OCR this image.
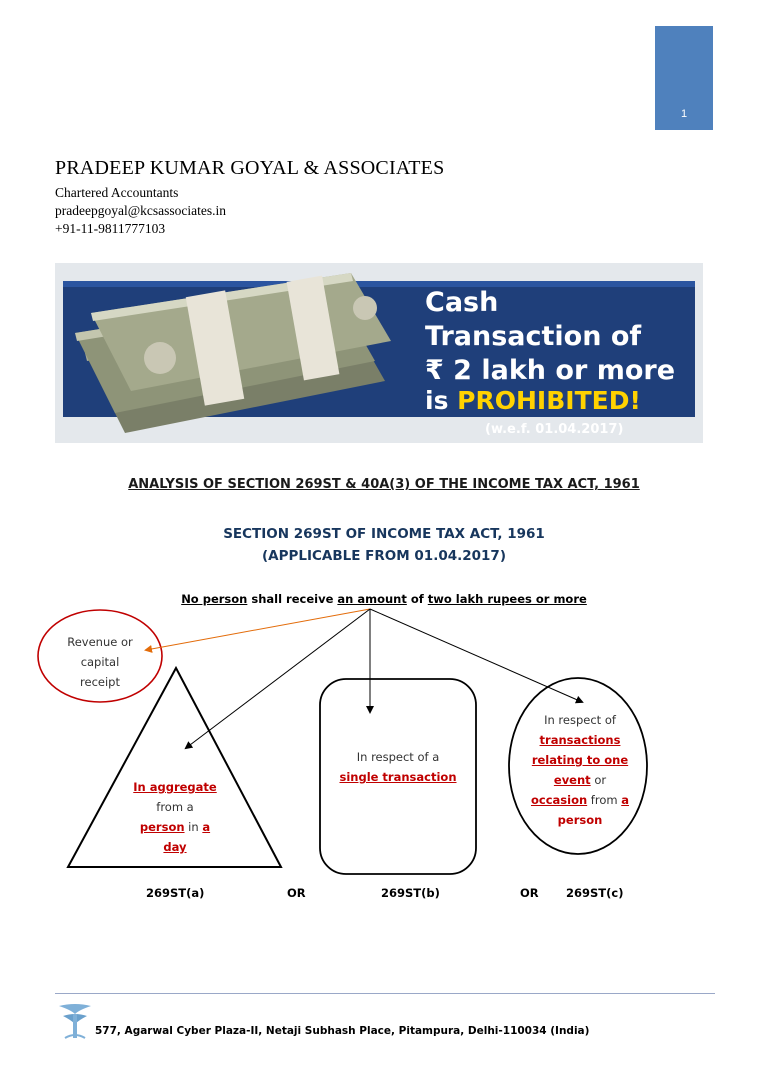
1
PRADEEP KUMAR GOYAL & ASSOCIATES
Chartered Accountants
pradeepgoyal@kcsassociates.in
+91-11-9811777103
Cash
Transaction of
₹ 2 lakh or more
is PROHIBITED!
(w.e.f. 01.04.2017)
ANALYSIS OF SECTION 269ST & 40A(3) OF THE INCOME TAX ACT, 1961
SECTION 269ST OF INCOME TAX ACT, 1961
(APPLICABLE FROM 01.04.2017)
No person shall receive an amount of two lakh rupees or more
Revenue or
capital
receipt
In aggregate
from a
person in a
day
In respect of a
single transaction
In respect of
transactions
relating to one
event or
occasion from a
person
269ST(a)	OR	269ST(b)	OR 269ST(c)
577, Agarwal Cyber Plaza-II, Netaji Subhash Place, Pitampura, Delhi-110034 (India)
